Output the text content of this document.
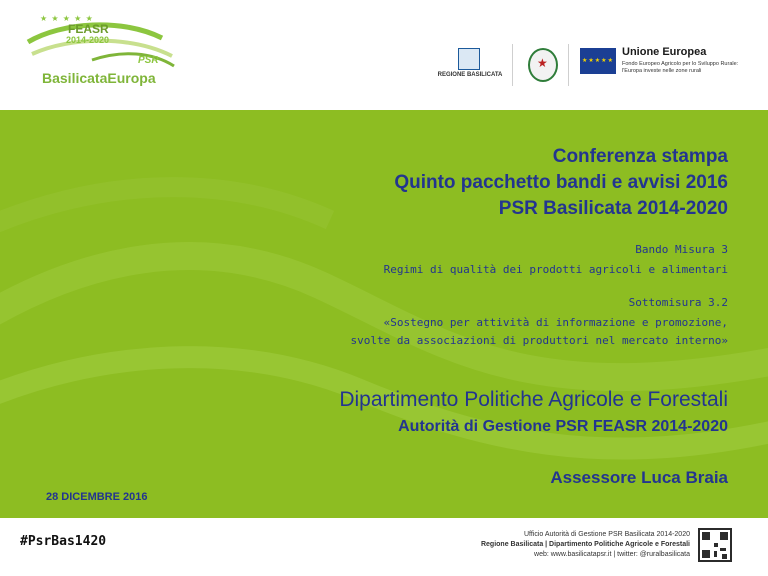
★ ★ ★ ★ ★
FEASR
2014-2020
PSR
BasilicataEuropa	REGIONE BASILICATA
★	★★★★★
Unione Europea
Fondo Europeo Agricolo per lo Sviluppo Rurale:
l'Europa investe nelle zone rurali
Conferenza stampa
Quinto pacchetto bandi e avvisi 2016
PSR Basilicata 2014-2020
Bando Misura 3
Regimi di qualità dei prodotti agricoli e alimentari
Sottomisura 3.2
«Sostegno per attività di informazione e promozione,
svolte da associazioni di produttori nel mercato interno»
Dipartimento Politiche Agricole e Forestali
Autorità di Gestione PSR FEASR 2014-2020
Assessore Luca Braia
28 DICEMBRE 2016
#PsrBas1420	Ufficio Autorità di Gestione PSR Basilicata 2014-2020
Regione Basilicata | Dipartimento Politiche Agricole e Forestali
web: www.basilicatapsr.it | twitter: @ruralbasilicata
